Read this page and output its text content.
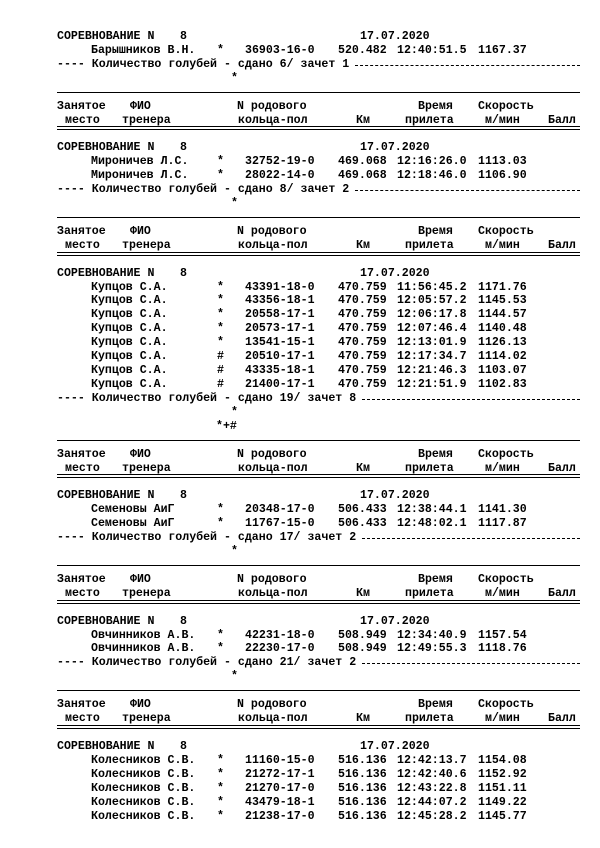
СОРЕВНОВАНИЕ N 8	17.07.2020
Барышников В.Н. * 36903-16-0 520.482 12:40:51.5 1167.37
---- Количество голубей - сдано 6/ зачет 1
*
Занятое ФИО	N родового	Время Скорость
место тренера	кольца-пол	Км	прилета	м/мин Балл
СОРЕВНОВАНИЕ N 8	17.07.2020
Мироничев Л.С. * 32752-19-0 469.068 12:16:26.0 1113.03
Мироничев Л.С. * 28022-14-0 469.068 12:18:46.0 1106.90
---- Количество голубей - сдано 8/ зачет 2
*
Занятое ФИО	N родового	Время Скорость
место тренера	кольца-пол	Км	прилета	м/мин Балл
СОРЕВНОВАНИЕ N 8	17.07.2020
Купцов С.А.	* 43391-18-0 470.759 11:56:45.2 1171.76
Купцов С.А.	* 43356-18-1 470.759 12:05:57.2 1145.53
Купцов С.А.	* 20558-17-1 470.759 12:06:17.8 1144.57
Купцов С.А.	* 20573-17-1 470.759 12:07:46.4 1140.48
Купцов С.А.	* 13541-15-1 470.759 12:13:01.9 1126.13
Купцов С.А.	# 20510-17-1 470.759 12:17:34.7 1114.02
Купцов С.А.	# 43335-18-1 470.759 12:21:46.3 1103.07
Купцов С.А.	# 21400-17-1 470.759 12:21:51.9 1102.83
---- Количество голубей - сдано 19/ зачет 8
*
*+#
Занятое ФИО	N родового	Время Скорость
место тренера	кольца-пол	Км	прилета	м/мин Балл
СОРЕВНОВАНИЕ N 8	17.07.2020
Семеновы АиГ	* 20348-17-0 506.433 12:38:44.1 1141.30
Семеновы АиГ	* 11767-15-0 506.433 12:48:02.1 1117.87
---- Количество голубей - сдано 17/ зачет 2
*
Занятое ФИО	N родового	Время Скорость
место тренера	кольца-пол	Км	прилета	м/мин Балл
СОРЕВНОВАНИЕ N 8	17.07.2020
Овчинников А.В. * 42231-18-0 508.949 12:34:40.9 1157.54
Овчинников А.В. * 22230-17-0 508.949 12:49:55.3 1118.76
---- Количество голубей - сдано 21/ зачет 2
*
Занятое ФИО	N родового	Время Скорость
место тренера	кольца-пол	Км	прилета	м/мин Балл
СОРЕВНОВАНИЕ N 8	17.07.2020
Колесников С.В. * 11160-15-0 516.136 12:42:13.7 1154.08
Колесников С.В. * 21272-17-1 516.136 12:42:40.6 1152.92
Колесников С.В. * 21270-17-0 516.136 12:43:22.8 1151.11
Колесников С.В. * 43479-18-1 516.136 12:44:07.2 1149.22
Колесников С.В. * 21238-17-0 516.136 12:45:28.2 1145.77
